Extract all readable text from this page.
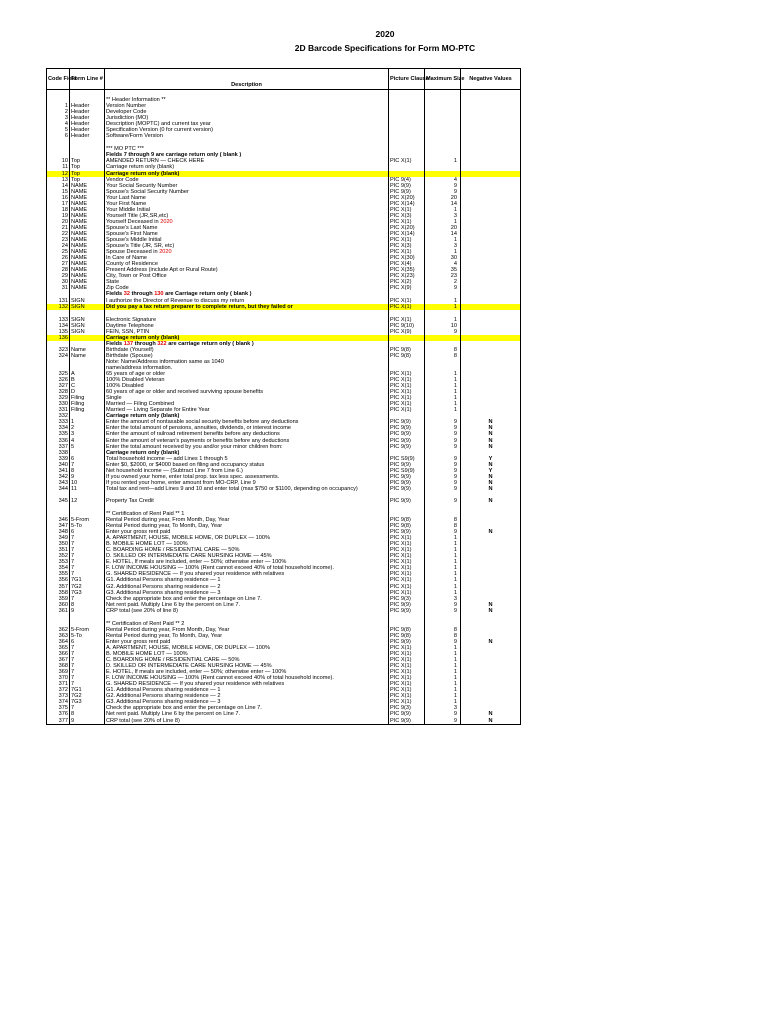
2020
2D Barcode Specifications for Form MO-PTC
Code Field	Form Line #	Description	Picture Clause	Maximum Size	Negative Values

		** Header Information **			
1	Header	Version Number			
2	Header	Developer Code			
3	Header	Jurisdiction (MO)			
4	Header	Description (MOPTC) and current tax year			
5	Header	Specification Version (0 for current version)			
6	Header	Software/Form Version			

		*** MO PTC ***			
		Fields 7 through 9 are carriage return only ( blank )			
10	Top	AMENDED RETURN — CHECK HERE	PIC X(1)	1	
11	Top	Carriage return only (blank)			
12	Top	Carriage return only (blank)			
13	Top	Vendor Code	PIC 9(4)	4	
14	NAME	Your Social Security Number	PIC 9(9)	9	
15	NAME	Spouse's Social Security Number	PIC 9(9)	9	
16	NAME	Your Last Name	PIC X(20)	20	
17	NAME	Your First Name	PIC X(14)	14	
18	NAME	Your Middle Initial	PIC X(1)	1	
19	NAME	Yourself Title (JR,SR,etc)	PIC X(3)	3	
20	NAME	Yourself Deceased in 2020	PIC X(1)	1	
21	NAME	Spouse's Last Name	PIC X(20)	20	
22	NAME	Spouse's First Name	PIC X(14)	14	
23	NAME	Spouse's Middle Initial	PIC X(1)	1	
24	NAME	Spouse's Title (JR, SR, etc)	PIC X(3)	3	
25	NAME	Spouse Deceased in 2020	PIC X(1)	1	
26	NAME	In Care of Name	PIC X(30)	30	
27	NAME	County of Residence	PIC X(4)	4	
28	NAME	Present Address (include Apt or Rural Route)	PIC X(35)	35	
29	NAME	City, Town or Post Office	PIC X(23)	23	
30	NAME	State	PIC X(2)	2	
31	NAME	Zip Code	PIC X(9)	9	
		Fields 32 through 130 are Carriage return only ( blank )			
131	SIGN	I authorize the Director of Revenue to discuss my return	PIC X(1)	1	
132	SIGN	Did you pay a tax return preparer to complete return, but they failed or	PIC X(1)	1	

133	SIGN	Electronic Signature	PIC X(1)	1	
134	SIGN	Daytime Telephone	PIC 9(10)	10	
135	SIGN	FEIN, SSN, PTIN	PIC X(9)	9	
136		Carriage return only (blank)			
		Fields 137 through 322 are carriage return only ( blank )			
323	Name	Birthdate (Yourself)	PIC 9(8)	8	
324	Name	Birthdate (Spouse)	PIC 9(8)	8	
		Note: Name/Address information same as 1040			
		name/address information.			
325	A	65 years of age or older	PIC X(1)	1	
326	B	100% Disabled Veteran	PIC X(1)	1	
327	C	100% Disabled	PIC X(1)	1	
328	D	60 years of age or older and received surviving spouse benefits	PIC X(1)	1	
329	Filing	Single	PIC X(1)	1	
330	Filing	Married — Filing Combined	PIC X(1)	1	
331	Filing	Married — Living Separate for Entire Year	PIC X(1)	1	
332		Carriage return only (blank)			
333	1	Enter the amount of nontaxable social security benefits before any deductions	PIC 9(9)	9	N
334	2	Enter the total amount of pensions, annuities, dividends, or interest income	PIC 9(9)	9	N
335	3	Enter the amount of railroad retirement benefits before any deductions	PIC 9(9)	9	N
336	4	Enter the amount of veteran's payments or benefits before any deductions	PIC 9(9)	9	N
337	5	Enter the total amount received by you and/or your minor children from:	PIC 9(9)	9	N
338		Carriage return only (blank)			
339	6	Total household income — add Lines 1 through 5	PIC S9(9)	9	Y
340	7	Enter $0, $2000, or $4000 based on filing and occupancy status	PIC 9(9)	9	N
341	8	Net household income — (Subtract Line 7 from Line 6.)	PIC S9(9)	9	Y
342	9	If you owned your home, enter total prop. tax less spec. assessments.	PIC 9(9)	9	N
343	10	If you rented your home, enter amount from MO-CRP, Line 9	PIC 9(9)	9	N
344	11	Total tax and rent—add Lines 9 and 10 and enter total (max $750 or $1100, depending on occupancy)	PIC 9(9)	9	N
345	12	Property Tax Credit	PIC 9(9)	9	N

		** Certification of Rent Paid ** 1			
346	5-From	Rental Period during year, From Month, Day, Year	PIC 9(8)	8	
347	5-To	Rental Period during year, To Month, Day, Year	PIC 9(8)	8	
348	6	Enter your gross rent paid	PIC 9(9)	9	N
349	7	A. APARTMENT, HOUSE, MOBILE HOME, OR DUPLEX — 100%	PIC X(1)	1	
350	7	B. MOBILE HOME LOT — 100%	PIC X(1)	1	
351	7	C. BOARDING HOME / RESIDENTIAL CARE — 50%	PIC X(1)	1	
352	7	D. SKILLED OR INTERMEDIATE CARE NURSING HOME — 45%	PIC X(1)	1	
353	7	E. HOTEL, If meals are included, enter — 50%; otherwise enter — 100%	PIC X(1)	1	
354	7	F. LOW INCOME HOUSING — 100% (Rent cannot exceed 40% of total household income).	PIC X(1)	1	
355	7	G. SHARED RESIDENCE — If you shared your residence with relatives	PIC X(1)	1	
356	7G1	G1. Additional Persons sharing residence — 1	PIC X(1)	1	
357	7G2	G2. Additional Persons sharing residence — 2	PIC X(1)	1	
358	7G3	G3. Additional Persons sharing residence — 3	PIC X(1)	1	
359	7	Check the appropriate box and enter the percentage on Line 7.	PIC 9(3)	3	
360	8	Net rent paid. Multiply Line 6 by the percent on Line 7.	PIC 9(9)	9	N
361	9	CRP total (see 20% of line 8)	PIC 9(9)	9	N

		** Certification of Rent Paid ** 2			
362	5-From	Rental Period during year, From Month, Day, Year	PIC 9(8)	8	
363	5-To	Rental Period during year, To Month, Day, Year	PIC 9(8)	8	
364	6	Enter your gross rent paid	PIC 9(9)	9	N
365	7	A. APARTMENT, HOUSE, MOBILE HOME, OR DUPLEX — 100%	PIC X(1)	1	
366	7	B. MOBILE HOME LOT — 100%	PIC X(1)	1	
367	7	C. BOARDING HOME / RESIDENTIAL CARE — 50%	PIC X(1)	1	
368	7	D. SKILLED OR INTERMEDIATE CARE NURSING HOME — 45%	PIC X(1)	1	
369	7	E. HOTEL, If meals are included, enter — 50%; otherwise enter — 100%	PIC X(1)	1	
370	7	F. LOW INCOME HOUSING — 100% (Rent cannot exceed 40% of total household income).	PIC X(1)	1	
371	7	G. SHARED RESIDENCE — If you shared your residence with relatives	PIC X(1)	1	
372	7G1	G1. Additional Persons sharing residence — 1	PIC X(1)	1	
373	7G2	G2. Additional Persons sharing residence — 2	PIC X(1)	1	
374	7G3	G3. Additional Persons sharing residence — 3	PIC X(1)	1	
375	7	Check the appropriate box and enter the percentage on Line 7.	PIC 9(3)	3	
376	8	Net rent paid. Multiply Line 6 by the percent on Line 7.	PIC 9(9)	9	N
377	9	CRP total (see 20% of Line 8)	PIC 9(9)	9	N
